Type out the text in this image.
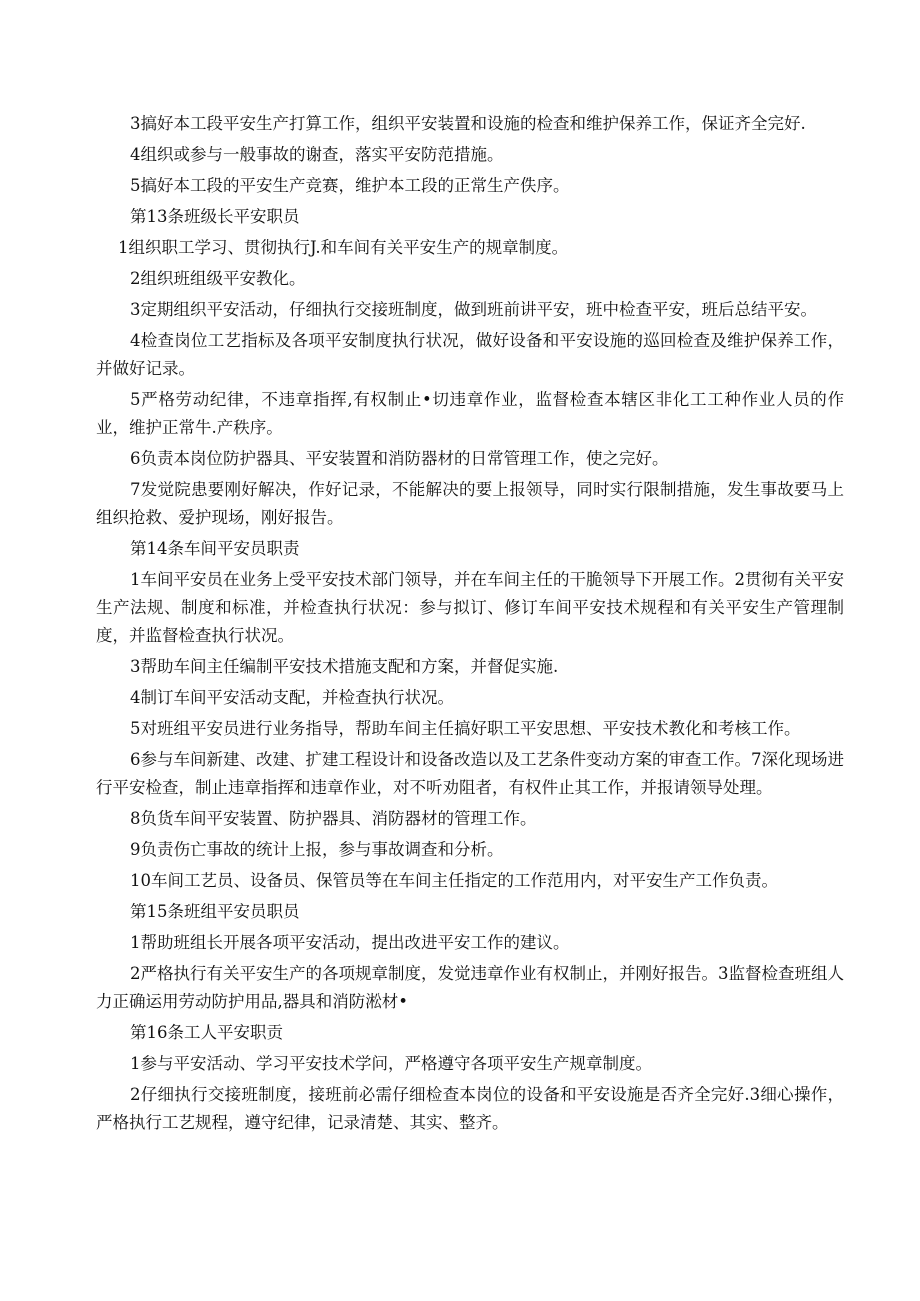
3搞好本工段平安生产打算工作，组织平安装置和设施的检查和维护保养工作，保证齐全完好.

4组织或参与一般事故的谢查，落实平安防范措施。

5搞好本工段的平安生产竞赛，维护本工段的正常生产佚序。

第13条班级长平安职员

1组织职工学习、贯彻执行J.和车间有关平安生产的规章制度。

2组织班组级平安教化。

3定期组织平安活动，仔细执行交接班制度，做到班前讲平安，班中检查平安，班后总结平安。

4检查岗位工艺指标及各项平安制度执行状况，做好设备和平安设施的巡回检查及维护保养工作，并做好记录。

5严格劳动纪律，不违章指挥,有权制止•切违章作业，监督检查本辖区非化工工种作业人员的作业，维护正常牛.产秩序。

6负责本岗位防护器具、平安装置和消防器材的日常管理工作，使之完好。

7发觉院患要刚好解决，作好记录，不能解决的要上报领导，同时实行限制措施，发生事故要马上组织抢救、爱护现场，刚好报告。

第14条车间平安员职责

1车间平安员在业务上受平安技术部门领导，并在车间主任的干脆领导下开展工作。2贯彻有关平安生产法规、制度和标准，并检查执行状况：参与拟订、修订车间平安技术规程和有关平安生产管理制度，并监督检查执行状况。

3帮助车间主任编制平安技术措施支配和方案，并督促实施.

4制订车间平安活动支配，并检查执行状况。

5对班组平安员进行业务指导，帮助车间主任搞好职工平安思想、平安技术教化和考核工作。

6参与车间新建、改建、扩建工程设计和设备改造以及工艺条件变动方案的审查工作。7深化现场进行平安检查，制止违章指挥和违章作业，对不听劝阻者，有权件止其工作，并报请领导处理。

8负货车间平安装置、防护器具、消防器材的管理工作。

9负责伤亡事故的统计上报，参与事故调查和分析。

10车间工艺员、设备员、保管员等在车间主任指定的工作范用内，对平安生产工作负责。

第15条班组平安员职员

1帮助班组长开展各项平安活动，提出改进平安工作的建议。

2严格执行有关平安生产的各项规章制度，发觉违章作业有权制止，并刚好报告。3监督检查班组人力正确运用劳动防护用品,器具和消防淞材•

第16条工人平安职贡

1参与平安活动、学习平安技术学问，严格遵守各项平安生产规章制度。

2仔细执行交接班制度，接班前必需仔细检查本岗位的设备和平安设施是否齐全完好.3细心操作，严格执行工艺规程，遵守纪律，记录清楚、其实、整齐。
